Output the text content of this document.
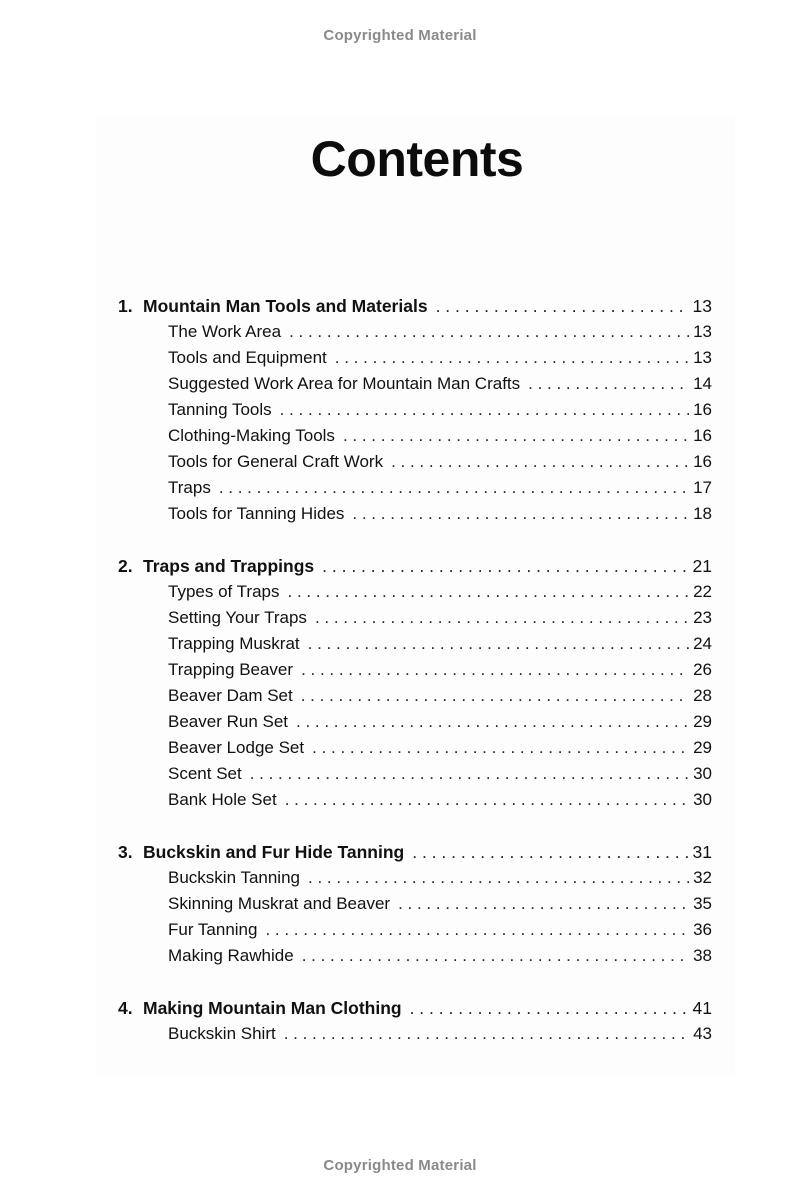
Copyrighted Material
Contents
1. Mountain Man Tools and Materials . . .	13
The Work Area . . .	13
Tools and Equipment . . .	13
Suggested Work Area for Mountain Man Crafts . . .	14
Tanning Tools . . .	16
Clothing-Making Tools . . .	16
Tools for General Craft Work . . .	16
Traps . . .	17
Tools for Tanning Hides . . .	18
2. Traps and Trappings . . .	21
Types of Traps . . .	22
Setting Your Traps . . .	23
Trapping Muskrat . . .	24
Trapping Beaver . . .	26
Beaver Dam Set . . .	28
Beaver Run Set . . .	29
Beaver Lodge Set . . .	29
Scent Set . . .	30
Bank Hole Set . . .	30
3. Buckskin and Fur Hide Tanning . . .	31
Buckskin Tanning . . .	32
Skinning Muskrat and Beaver . . .	35
Fur Tanning . . .	36
Making Rawhide . . .	38
4. Making Mountain Man Clothing . . .	41
Buckskin Shirt . . .	43
Copyrighted Material
